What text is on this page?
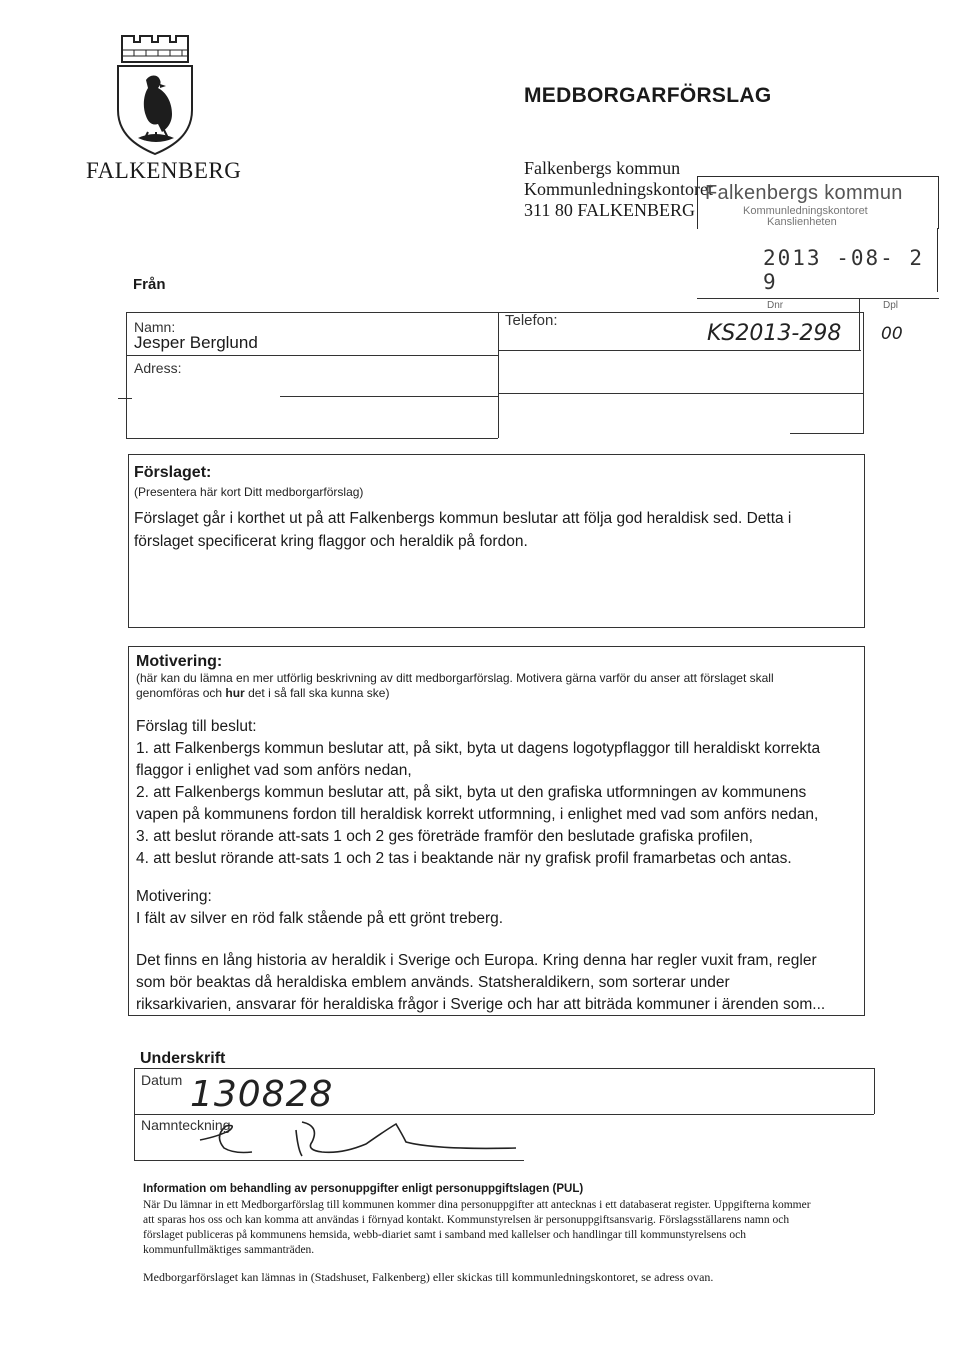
FALKENBERG
MEDBORGARFÖRSLAG
Falkenbergs kommun
Kommunledningskontoret
311 80 FALKENBERG
Falkenbergs kommun
Kommunledningskontoret
Kanslienheten
2013 -08- 2 9
Dnr	Dpl
KS2013-298 00
Från
Namn:
Jesper Berglund
Adress:
Telefon:
Förslaget:
(Presentera här kort Ditt medborgarförslag)
Förslaget går i korthet ut på att Falkenbergs kommun beslutar att följa god heraldisk sed. Detta i
förslaget specificerat kring flaggor och heraldik på fordon.
Motivering:
(här kan du lämna en mer utförlig beskrivning av ditt medborgarförslag. Motivera gärna varför du anser att förslaget skall
genomföras och hur det i så fall ska kunna ske)
Förslag till beslut:
1. att Falkenbergs kommun beslutar att, på sikt, byta ut dagens logotypflaggor till heraldiskt korrekta
flaggor i enlighet vad som anförs nedan,
2. att Falkenbergs kommun beslutar att, på sikt, byta ut den grafiska utformningen av kommunens
vapen på kommunens fordon till heraldisk korrekt utformning, i enlighet med vad som anförs nedan,
3. att beslut rörande att-sats 1 och 2 ges företräde framför den beslutade grafiska profilen,
4. att beslut rörande att-sats 1 och 2 tas i beaktande när ny grafisk profil framarbetas och antas.
Motivering:
I fält av silver en röd falk stående på ett grönt treberg.
Det finns en lång historia av heraldik i Sverige och Europa. Kring denna har regler vuxit fram, regler
som bör beaktas då heraldiska emblem används. Statsheraldikern, som sorterar under
riksarkivarien, ansvarar för heraldiska frågor i Sverige och har att biträda kommuner i ärenden som...
Underskrift
Datum 130828
Namnteckning
Information om behandling av personuppgifter enligt personuppgiftslagen (PUL)
När Du lämnar in ett Medborgarförslag till kommunen kommer dina personuppgifter att antecknas i ett databaserat register. Uppgifterna kommer
att sparas hos oss och kan komma att användas i förnyad kontakt. Kommunstyrelsen är personuppgiftsansvarig. Förslagsställarens namn och
förslaget publiceras på kommunens hemsida, webb-diariet samt i samband med kallelser och handlingar till kommunstyrelsens och
kommunfullmäktiges sammanträden.
Medborgarförslaget kan lämnas in (Stadshuset, Falkenberg) eller skickas till kommunledningskontoret, se adress ovan.
